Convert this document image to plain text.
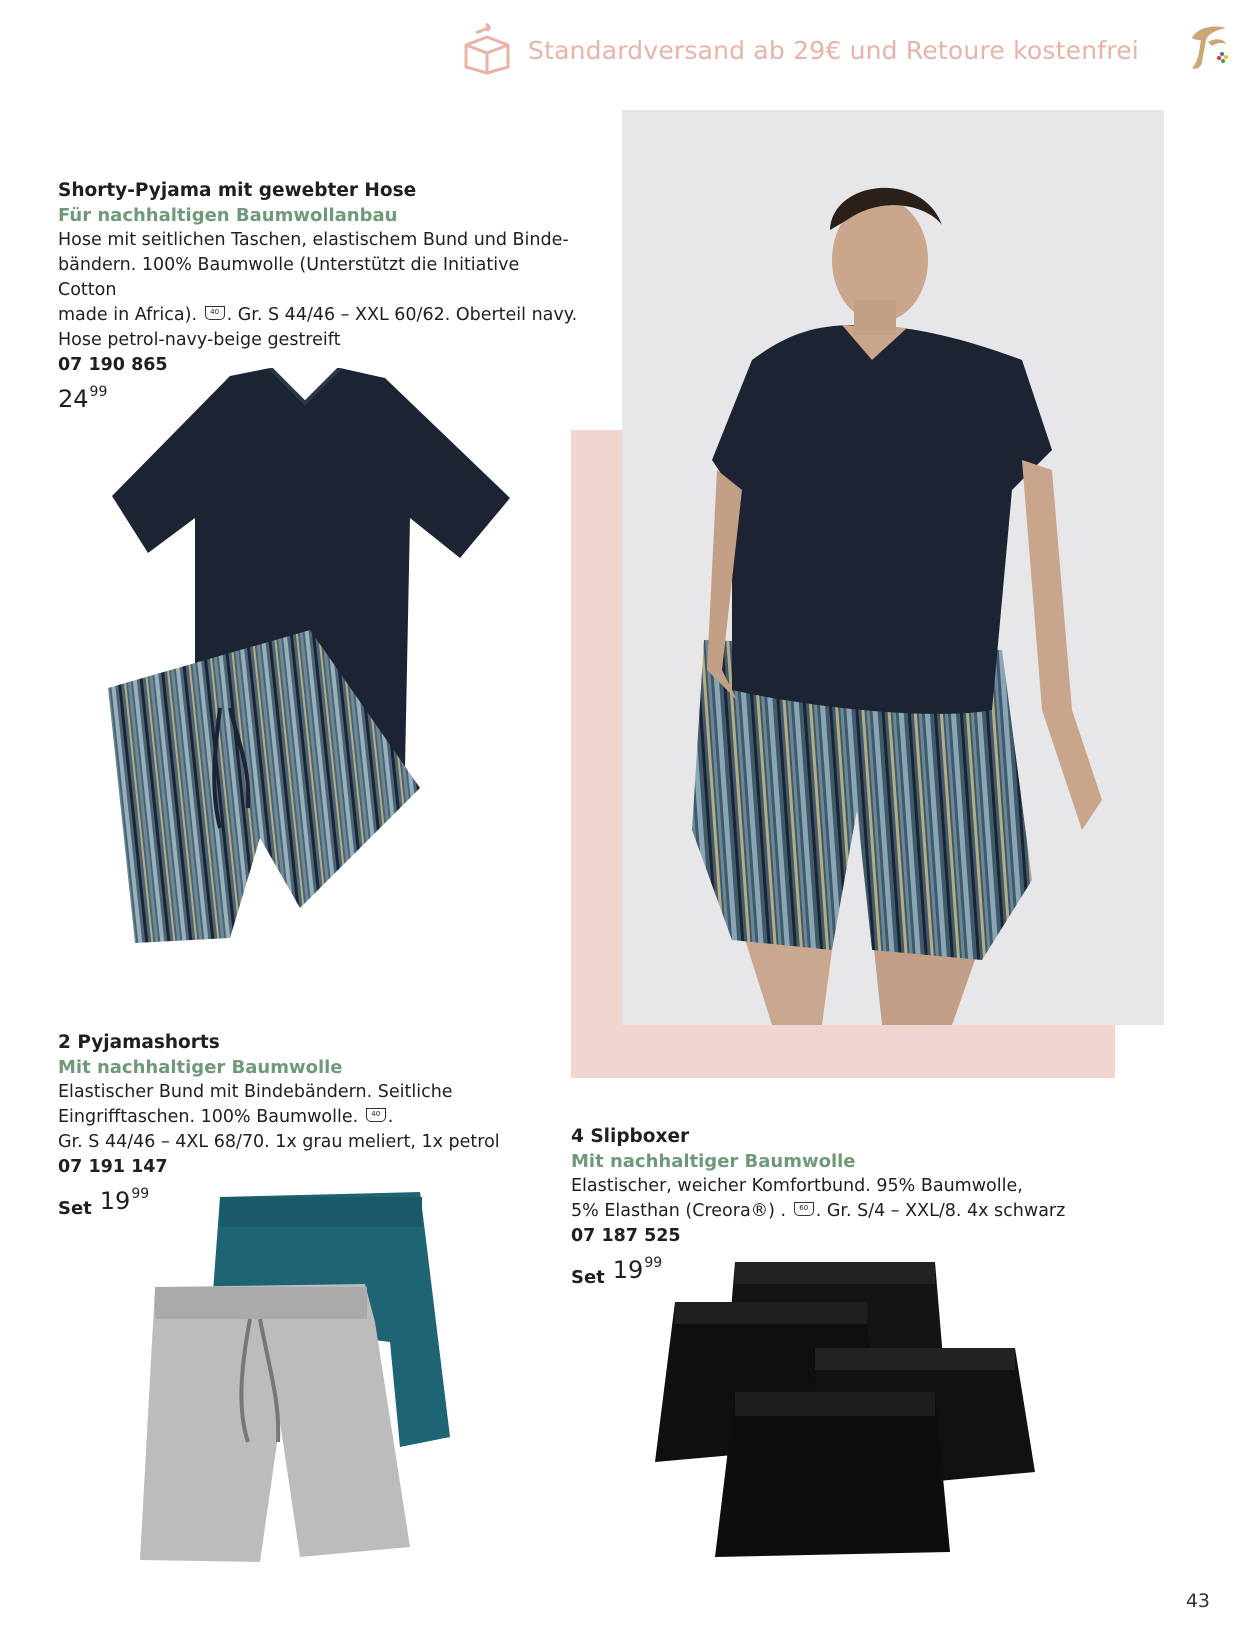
Standardversand ab 29€ und Retoure kostenfrei
Shorty-Pyjama mit gewebter Hose
Für nachhaltigen Baumwollanbau
Hose mit seitlichen Taschen, elastischem Bund und Binde-
bändern. 100% Baumwolle (Unterstützt die Initiative Cotton
made in Africa). 40 . Gr. S 44/46 – XXL 60/62. Oberteil navy.
Hose petrol-navy-beige gestreift
07 190 865
24 99
2 Pyjamashorts
Mit nachhaltiger Baumwolle
Elastischer Bund mit Bindebändern. Seitliche
Eingrifftaschen. 100% Baumwolle. 40 .
Gr. S 44/46 – 4XL 68/70. 1x grau meliert, 1x petrol
07 191 147
Set 19 99
4 Slipboxer
Mit nachhaltiger Baumwolle
Elastischer, weicher Komfortbund. 95% Baumwolle,
5% Elasthan (Creora®) . 60 . Gr. S/4 – XXL/8. 4x schwarz
07 187 525
Set 19 99
43
